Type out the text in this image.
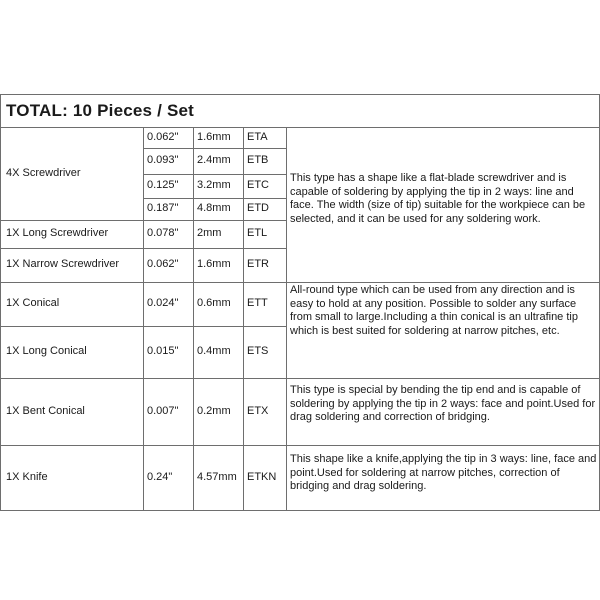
TOTAL: 10 Pieces / Set
0.062" 1.6mm ETA
0.093" 2.4mm ETB
0.125" 3.2mm ETC
0.187" 4.8mm ETD
4X Screwdriver
0.078" 2mm ETL
1X Long Screwdriver
0.062" 1.6mm ETR
1X Narrow Screwdriver
0.024" 0.6mm ETT
1X Conical
0.015" 0.4mm ETS
1X Long Conical
0.007" 0.2mm ETX
1X Bent Conical
0.24" 4.57mm ETKN
1X Knife
This type has a shape like a flat-blade screwdriver and is capable of soldering by applying the tip in 2 ways: line and face. The width (size of tip) suitable for the workpiece can be selected, and it can be used for any soldering work.
All-round type which can be used from any direction and is easy to hold at any position. Possible to solder any surface from small to large.Including a thin conical is an ultrafine tip which is best suited for soldering at narrow pitches, etc.
This type is special by bending the tip end and is capable of soldering by applying the tip in 2 ways: face and point.Used for drag soldering and correction of bridging.
This shape like a knife,applying the tip in 3 ways: line, face and point.Used for soldering at narrow pitches, correction of bridging and drag soldering.
